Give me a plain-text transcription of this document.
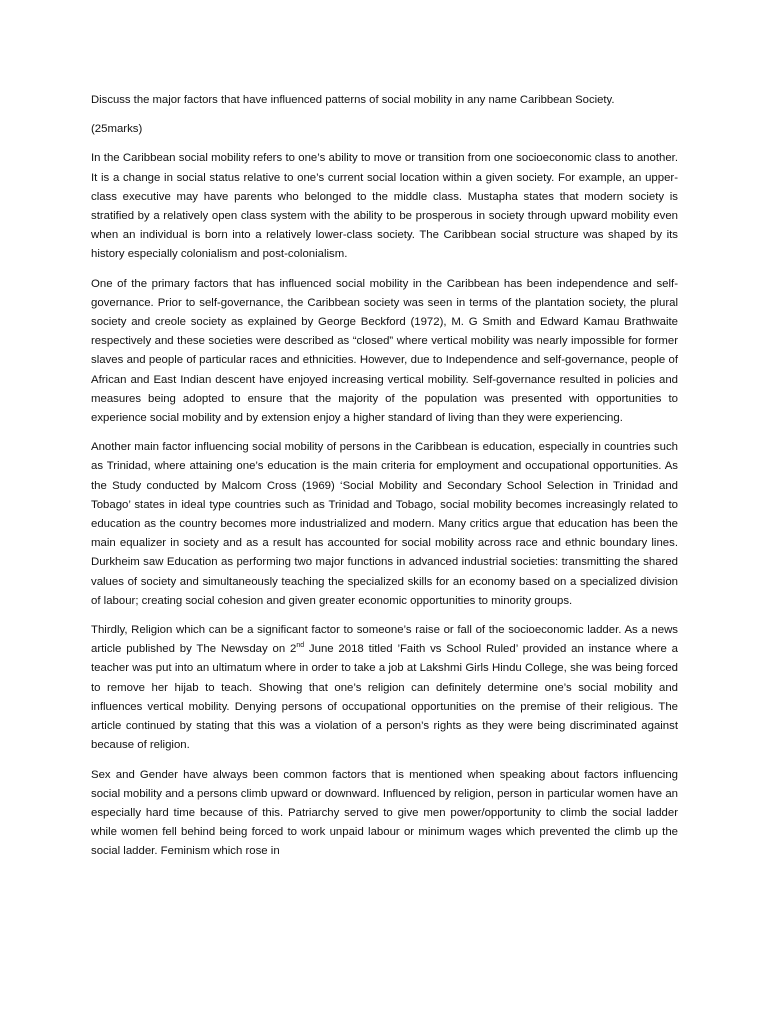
Discuss the major factors that have influenced patterns of social mobility in any name Caribbean Society.

(25marks)

In the Caribbean social mobility refers to one’s ability to move or transition from one socioeconomic class to another. It is a change in social status relative to one’s current social location within a given society. For example, an upper-class executive may have parents who belonged to the middle class. Mustapha states that modern society is stratified by a relatively open class system with the ability to be prosperous in society through upward mobility even when an individual is born into a relatively lower-class society. The Caribbean social structure was shaped by its history especially colonialism and post-colonialism.

One of the primary factors that has influenced social mobility in the Caribbean has been independence and self-governance. Prior to self-governance, the Caribbean society was seen in terms of the plantation society, the plural society and creole society as explained by George Beckford (1972), M. G Smith and Edward Kamau Brathwaite respectively and these societies were described as “closed” where vertical mobility was nearly impossible for former slaves and people of particular races and ethnicities. However, due to Independence and self-governance, people of African and East Indian descent have enjoyed increasing vertical mobility. Self-governance resulted in policies and measures being adopted to ensure that the majority of the population was presented with opportunities to experience social mobility and by extension enjoy a higher standard of living than they were experiencing.

Another main factor influencing social mobility of persons in the Caribbean is education, especially in countries such as Trinidad, where attaining one’s education is the main criteria for employment and occupational opportunities. As the Study conducted by Malcom Cross (1969) ‘Social Mobility and Secondary School Selection in Trinidad and Tobago’ states in ideal type countries such as Trinidad and Tobago, social mobility becomes increasingly related to education as the country becomes more industrialized and modern. Many critics argue that education has been the main equalizer in society and as a result has accounted for social mobility across race and ethnic boundary lines. Durkheim saw Education as performing two major functions in advanced industrial societies: transmitting the shared values of society and simultaneously teaching the specialized skills for an economy based on a specialized division of labour; creating social cohesion and given greater economic opportunities to minority groups.

Thirdly, Religion which can be a significant factor to someone’s raise or fall of the socioeconomic ladder. As a news article published by The Newsday on 2nd June 2018 titled ’Faith vs School Ruled’ provided an instance where a teacher was put into an ultimatum where in order to take a job at Lakshmi Girls Hindu College, she was being forced to remove her hijab to teach. Showing that one’s religion can definitely determine one’s social mobility and influences vertical mobility. Denying persons of occupational opportunities on the premise of their religious. The article continued by stating that this was a violation of a person’s rights as they were being discriminated against because of religion.

Sex and Gender have always been common factors that is mentioned when speaking about factors influencing social mobility and a persons climb upward or downward. Influenced by religion, person in particular women have an especially hard time because of this. Patriarchy served to give men power/opportunity to climb the social ladder while women fell behind being forced to work unpaid labour or minimum wages which prevented the climb up the social ladder. Feminism which rose in
